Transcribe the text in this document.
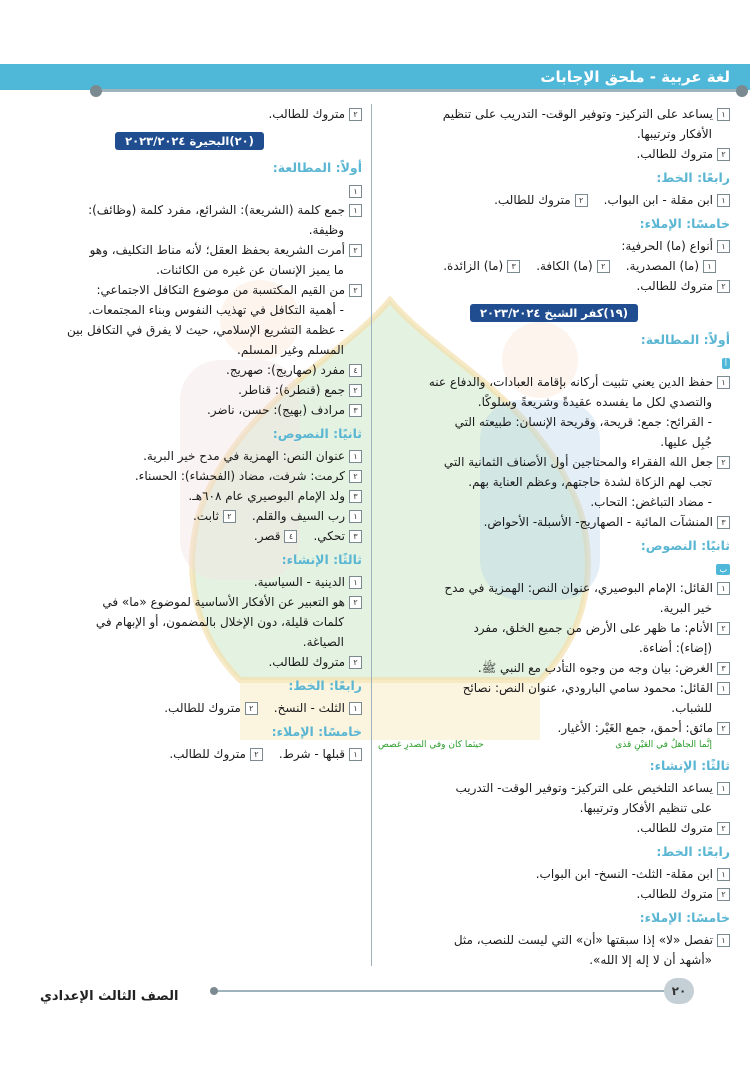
لغة عربية - ملحق الإجابات
١
يساعد على التركيز- وتوفير الوقت- التدريب على تنظيم
الأفكار وترتيبها.
٢
متروك للطالب.
رابعًا: الخط:
١
ابن مقلة - ابن البواب.
٢
متروك للطالب.
خامسًا: الإملاء:
١
أنواع (ما) الحرفية:
١
(ما) المصدرية.
٢
(ما) الكافة.
٣
(ما) الزائدة.
٢
متروك للطالب.
(١٩)كفر الشيخ ٢٠٢٣/٢٠٢٤
أولاً: المطالعة:
أ
١
حفظ الدين يعني تثبيت أركانه بإقامة العبادات، والدفاع عنه
والتصدي لكل ما يفسده عقيدةً وشريعةً وسلوكًا.
- القرائح: جمع: قريحة، وقريحة الإنسان: طبيعته التي
جُبِل عليها.
٢
جعل الله الفقراء والمحتاجين أول الأصناف الثمانية التي
تجب لهم الزكاة لشدة حاجتهم، وعظم العناية بهم.
- مضاد التباغض: التحاب.
٣
المنشآت المائية - الصهاريج- الأسبلة- الأحواض.
ثانيًا: النصوص:
ب
١
القائل: الإمام البوصيري، عنوان النص: الهمزية في مدح
خير البرية.
٢
الأنام: ما ظهر على الأرض من جميع الخلق، مفرد
(إضاء): أضاءة.
٣
الغرض: بيان وجه من وجوه التأدب مع النبي ﷺ.
١
القائل: محمود سامي البارودي، عنوان النص: نصائح
للشباب.
٢
مائق: أحمق، جمع الغَيْر: الأغيار.
إنَّما الجاهلُ في العَيْنِ قذى
حيثما كان وفي الصدرِ غصص
ثالثًا: الإنشاء:
١
يساعد التلخيص على التركيز- وتوفير الوقت- التدريب
على تنظيم الأفكار وترتيبها.
٢
متروك للطالب.
رابعًا: الخط:
١
ابن مقلة- الثلث- النسخ- ابن البواب.
٢
متروك للطالب.
خامسًا: الإملاء:
١
تفصل «لا» إذا سبقتها «أن» التي ليست للنصب، مثل
«أشهد أن لا إله إلا الله».
٢
متروك للطالب.
(٢٠)البحيرة ٢٠٢٣/٢٠٢٤
أولاً: المطالعة:
١
١
جمع كلمة (الشريعة): الشرائع، مفرد كلمة (وظائف):
وظيفة.
٢
أمرت الشريعة بحفظ العقل؛ لأنه مناط التكليف، وهو
ما يميز الإنسان عن غيره من الكائنات.
٢
من القيم المكتسبة من موضوع التكافل الاجتماعي:
- أهمية التكافل في تهذيب النفوس وبناء المجتمعات.
- عظمة التشريع الإسلامي، حيث لا يفرق في التكافل بين
المسلم وغير المسلم.
٤
مفرد (صهاريج): صهريج.
٢
جمع (قنطرة): قناطر.
٣
مرادف (بهيج): حسن، ناضر.
ثانيًا: النصوص:
١
عنوان النص: الهمزية في مدح خير البرية.
٢
كرمت: شرفت، مضاد (الفحشاء): الحسناء.
٣
ولد الإمام البوصيري عام ٦٠٨هـ.
١
رب السيف والقلم.
٢
ثابت.
٣
تحكي.
٤
قصر.
ثالثًا: الإنشاء:
١
الدينية - السياسية.
٢
هو التعبير عن الأفكار الأساسية لموضوع «ما» في
كلمات قليلة، دون الإخلال بالمضمون، أو الإبهام في
الصياغة.
٢
متروك للطالب.
رابعًا: الخط:
١
الثلث - النسخ.
٢
متروك للطالب.
خامسًا: الإملاء:
١
قبلها - شرط.
٢
متروك للطالب.
٢٠
الصف الثالث الإعدادي
